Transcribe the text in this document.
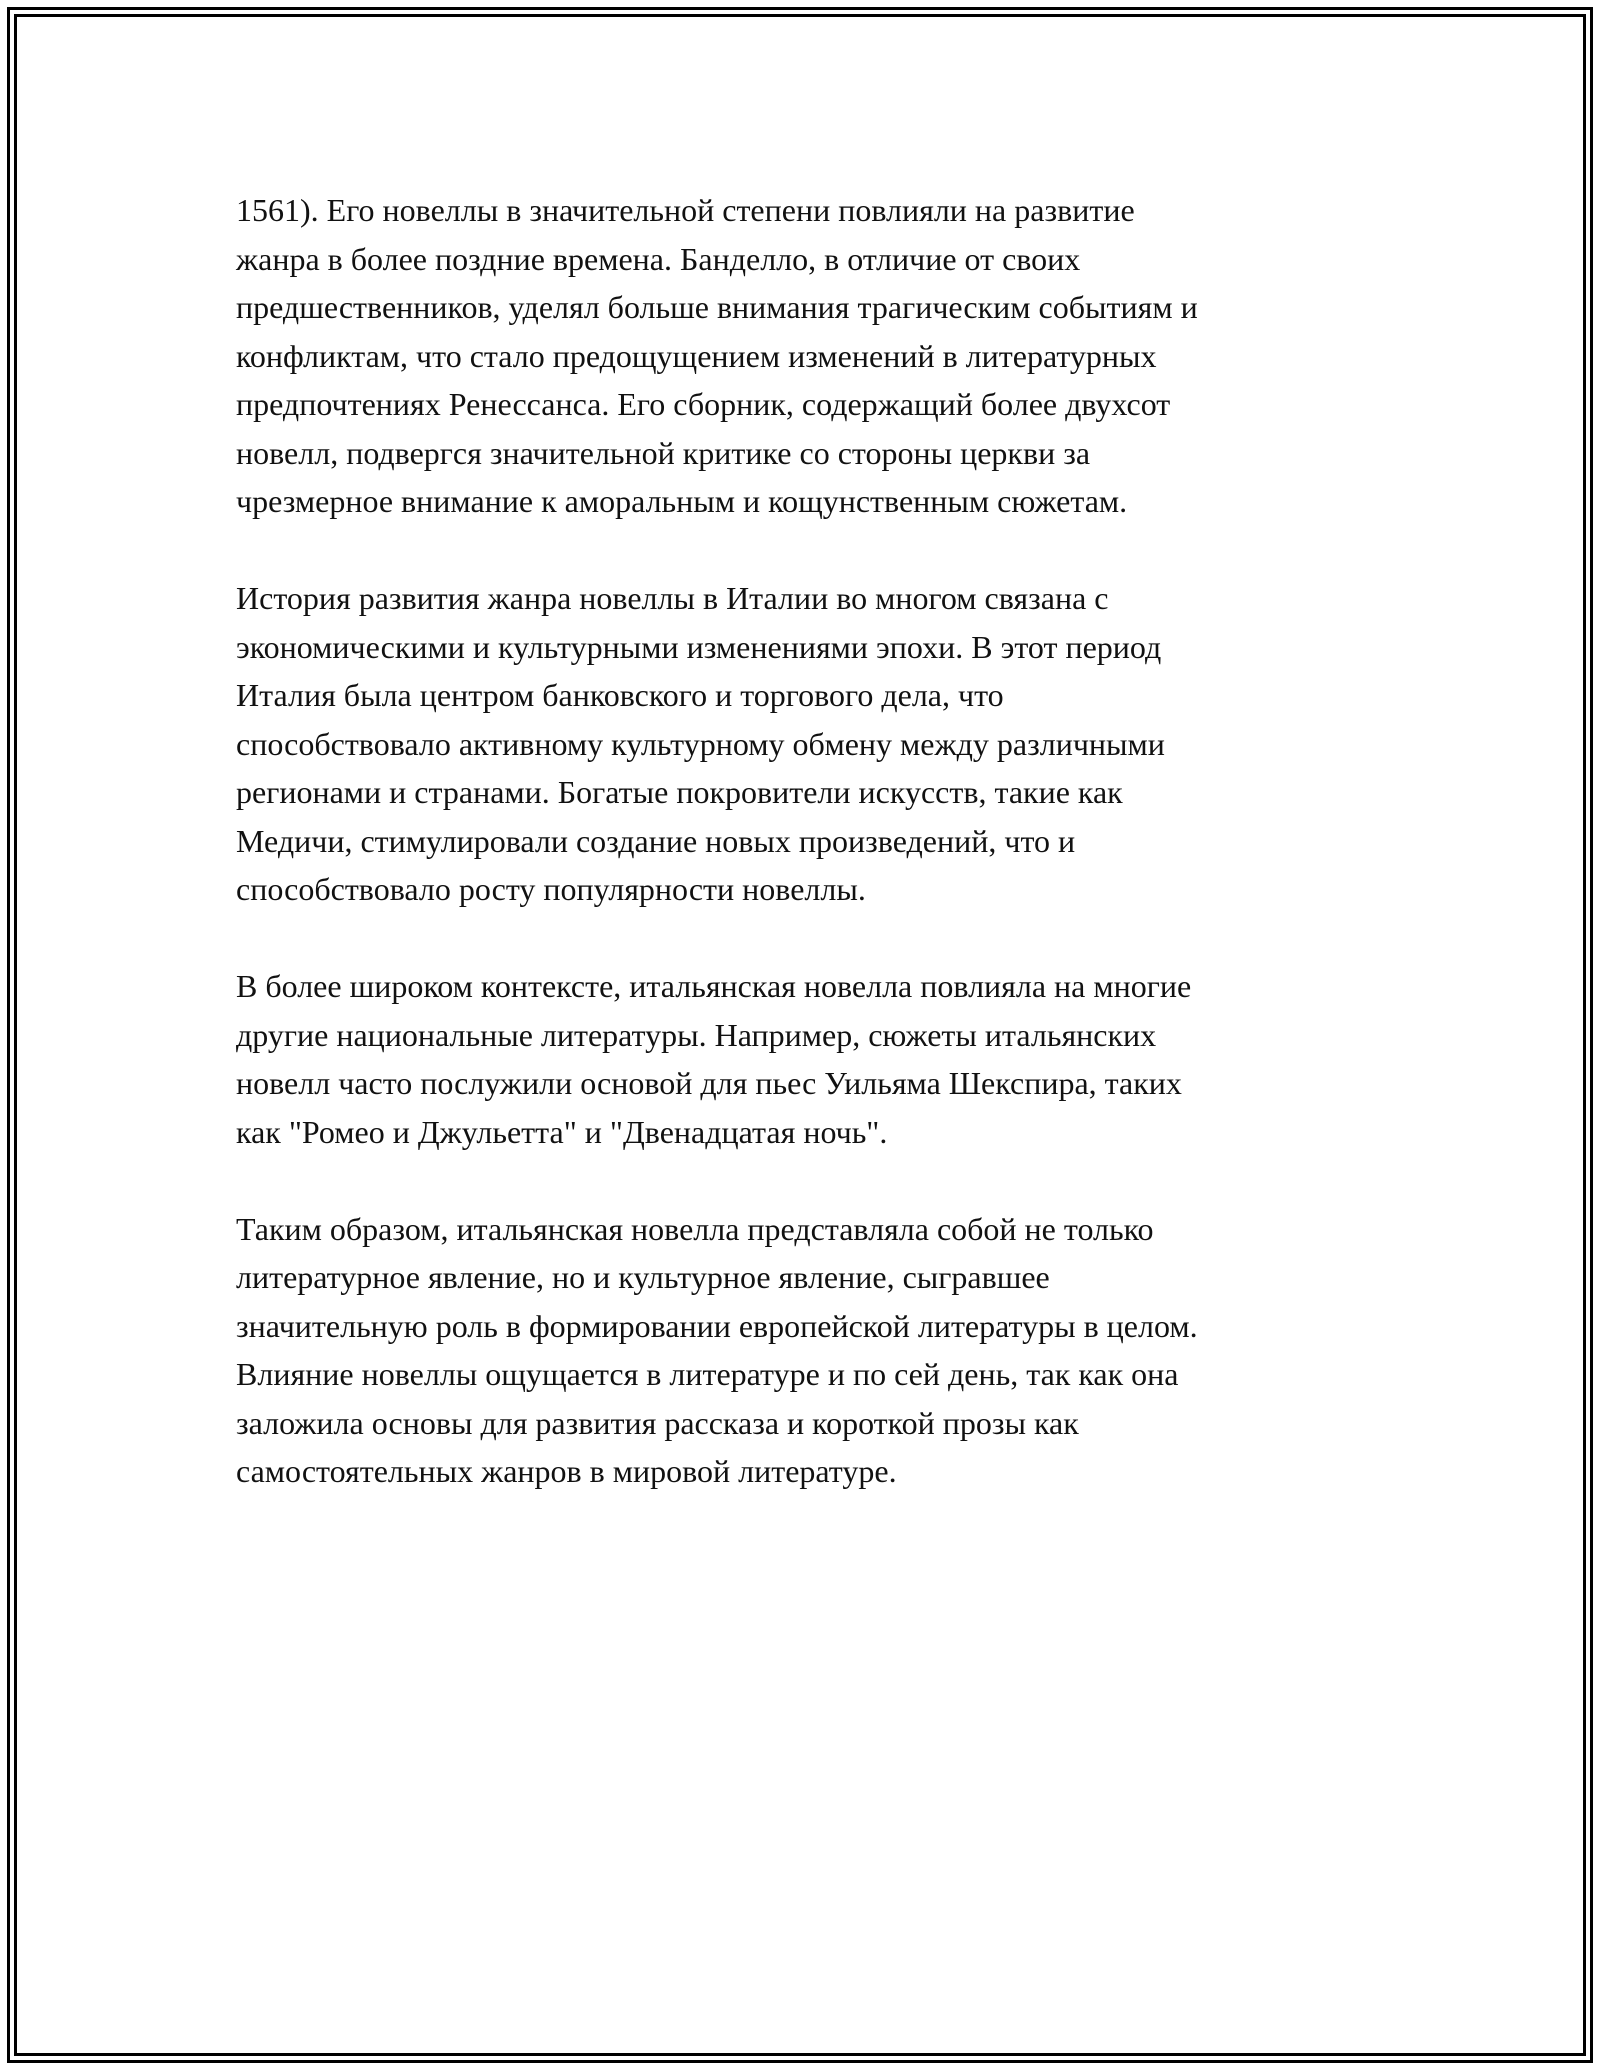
1561). Его новеллы в значительной степени повлияли на развитие
жанра в более поздние времена. Банделло, в отличие от своих
предшественников, уделял больше внимания трагическим событиям и
конфликтам, что стало предощущением изменений в литературных
предпочтениях Ренессанса. Его сборник, содержащий более двухсот
новелл, подвергся значительной критике со стороны церкви за
чрезмерное внимание к аморальным и кощунственным сюжетам.

История развития жанра новеллы в Италии во многом связана с
экономическими и культурными изменениями эпохи. В этот период
Италия была центром банковского и торгового дела, что
способствовало активному культурному обмену между различными
регионами и странами. Богатые покровители искусств, такие как
Медичи, стимулировали создание новых произведений, что и
способствовало росту популярности новеллы.

В более широком контексте, итальянская новелла повлияла на многие
другие национальные литературы. Например, сюжеты итальянских
новелл часто послужили основой для пьес Уильяма Шекспира, таких
как "Ромео и Джульетта" и "Двенадцатая ночь".

Таким образом, итальянская новелла представляла собой не только
литературное явление, но и культурное явление, сыгравшее
значительную роль в формировании европейской литературы в целом.
Влияние новеллы ощущается в литературе и по сей день, так как она
заложила основы для развития рассказа и короткой прозы как
самостоятельных жанров в мировой литературе.
